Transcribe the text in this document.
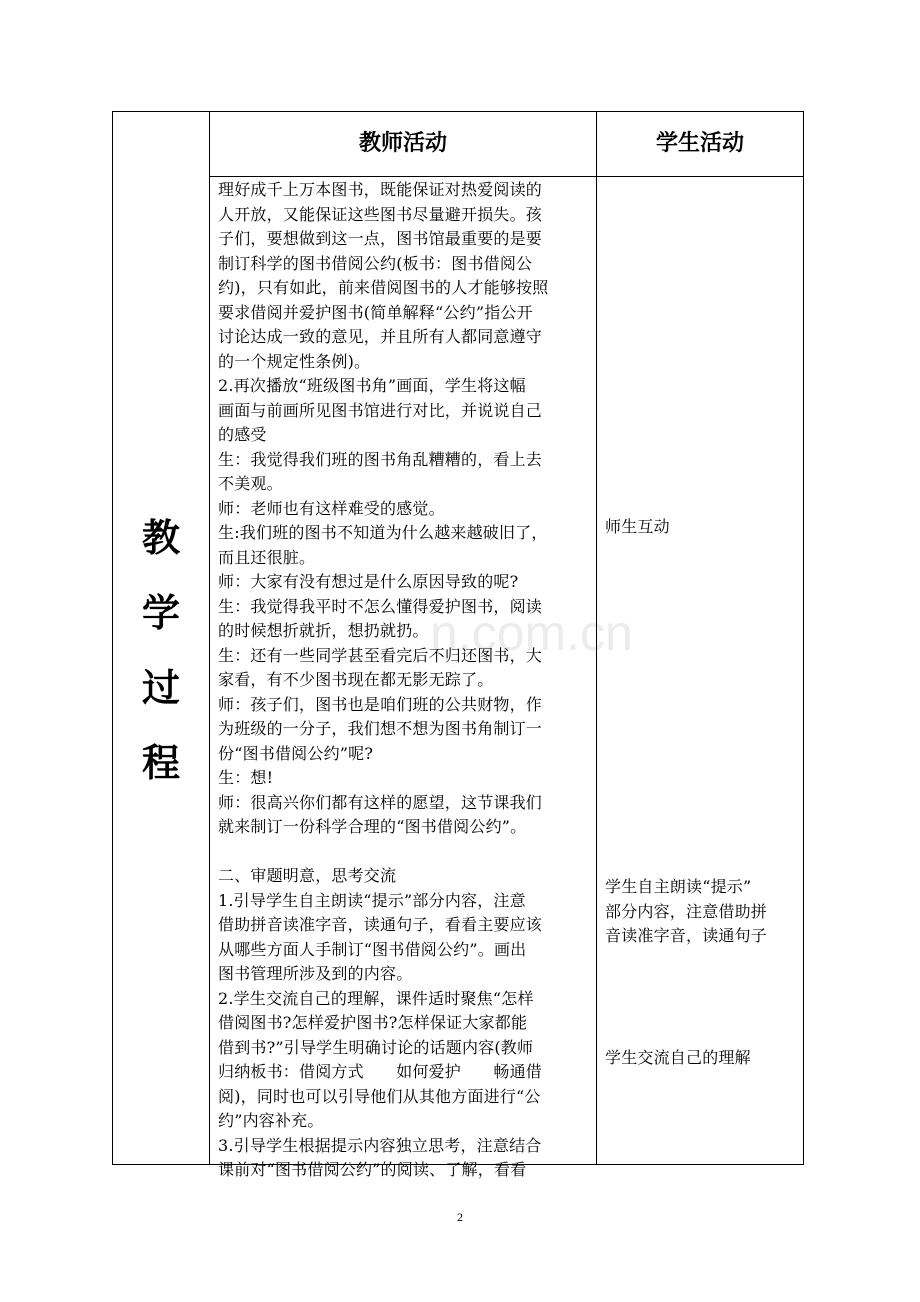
n.com.cn
教
学
过
程
教师活动	学生活动
理好成千上万本图书，既能保证对热爱阅读的
人开放，又能保证这些图书尽量避开损失。孩
子们，要想做到这一点，图书馆最重要的是要
制订科学的图书借阅公约(板书：图书借阅公
约)，只有如此，前来借阅图书的人才能够按照
要求借阅并爱护图书(简单解释“公约”指公开
讨论达成一致的意见，并且所有人都同意遵守
的一个规定性条例)。
2.再次播放“班级图书角”画面，学生将这幅
画面与前画所见图书馆进行对比，并说说自己
的感受
生：我觉得我们班的图书角乱糟糟的，看上去
不美观。
师：老师也有这样难受的感觉。
生:我们班的图书不知道为什么越来越破旧了，
而且还很脏。
师：大家有没有想过是什么原因导致的呢?
生：我觉得我平时不怎么懂得爱护图书，阅读
的时候想折就折，想扔就扔。
生：还有一些同学甚至看完后不归还图书，大
家看，有不少图书现在都无影无踪了。
师：孩子们，图书也是咱们班的公共财物，作
为班级的一分子，我们想不想为图书角制订一
份“图书借阅公约”呢?
生：想!
师：很高兴你们都有这样的愿望，这节课我们
就来制订一份科学合理的“图书借阅公约”。
二、审题明意，思考交流
1.引导学生自主朗读“提示”部分内容，注意
借助拼音读准字音，读通句子，看看主要应该
从哪些方面人手制订“图书借阅公约”。画出
图书管理所涉及到的内容。
2.学生交流自己的理解，课件适时聚焦“怎样
借阅图书?怎样爱护图书?怎样保证大家都能
借到书?”引导学生明确讨论的话题内容(教师
归纳板书：借阅方式　　如何爱护　　畅通借
阅)，同时也可以引导他们从其他方面进行“公
约”内容补充。
3.引导学生根据提示内容独立思考，注意结合
课前对“图书借阅公约”的阅读、了解，看看
师生互动
学生自主朗读“提示”
部分内容，注意借助拼
音读准字音，读通句子
学生交流自己的理解
2
